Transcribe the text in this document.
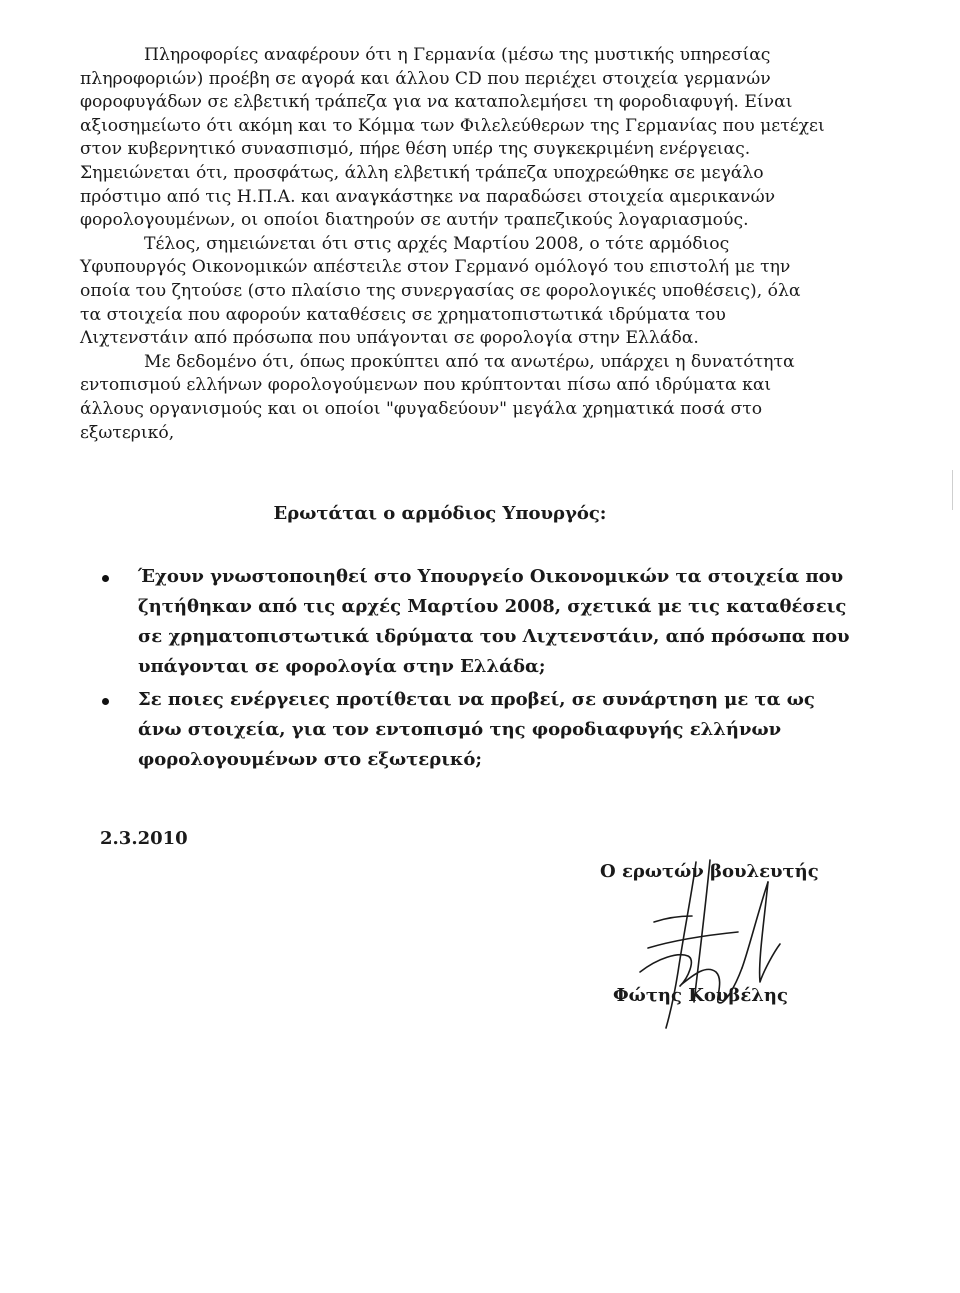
Πληροφορίες αναφέρουν ότι η Γερμανία (μέσω της μυστικής υπηρεσίας πληροφοριών) προέβη σε αγορά και άλλου CD που περιέχει στοιχεία γερμανών φοροφυγάδων σε ελβετική τράπεζα για να καταπολεμήσει τη φοροδιαφυγή. Είναι αξιοσημείωτο ότι ακόμη και το Κόμμα των Φιλελεύθερων της Γερμανίας που μετέχει στον κυβερνητικό συνασπισμό, πήρε θέση υπέρ της συγκεκριμένη ενέργειας. Σημειώνεται ότι, προσφάτως, άλλη ελβετική τράπεζα υποχρεώθηκε σε μεγάλο πρόστιμο από τις Η.Π.Α. και αναγκάστηκε να παραδώσει στοιχεία αμερικανών φορολογουμένων, οι οποίοι διατηρούν σε αυτήν τραπεζικούς λογαριασμούς.

Τέλος, σημειώνεται ότι στις αρχές Μαρτίου 2008, ο τότε αρμόδιος Υφυπουργός Οικονομικών απέστειλε στον Γερμανό ομόλογό του επιστολή με την οποία του ζητούσε (στο πλαίσιο της συνεργασίας σε φορολογικές υποθέσεις), όλα τα στοιχεία που αφορούν καταθέσεις σε χρηματοπιστωτικά ιδρύματα του Λιχτενστάιν από πρόσωπα που υπάγονται σε φορολογία στην Ελλάδα.

Με δεδομένο ότι, όπως προκύπτει από τα ανωτέρω, υπάρχει η δυνατότητα εντοπισμού ελλήνων φορολογούμενων που κρύπτονται πίσω από ιδρύματα και άλλους οργανισμούς και οι οποίοι "φυγαδεύουν" μεγάλα χρηματικά ποσά στο εξωτερικό,

Ερωτάται ο αρμόδιος Υπουργός:
Έχουν γνωστοποιηθεί στο Υπουργείο Οικονομικών τα στοιχεία που ζητήθηκαν από τις αρχές Μαρτίου 2008, σχετικά με τις καταθέσεις σε χρηματοπιστωτικά ιδρύματα του Λιχτενστάιν, από πρόσωπα που υπάγονται σε φορολογία στην Ελλάδα;
Σε ποιες ενέργειες προτίθεται να προβεί, σε συνάρτηση με τα ως άνω στοιχεία, για τον εντοπισμό της φοροδιαφυγής ελλήνων φορολογουμένων στο εξωτερικό;
2.3.2010
Ο ερωτών βουλευτής
Φώτης Κουβέλης
